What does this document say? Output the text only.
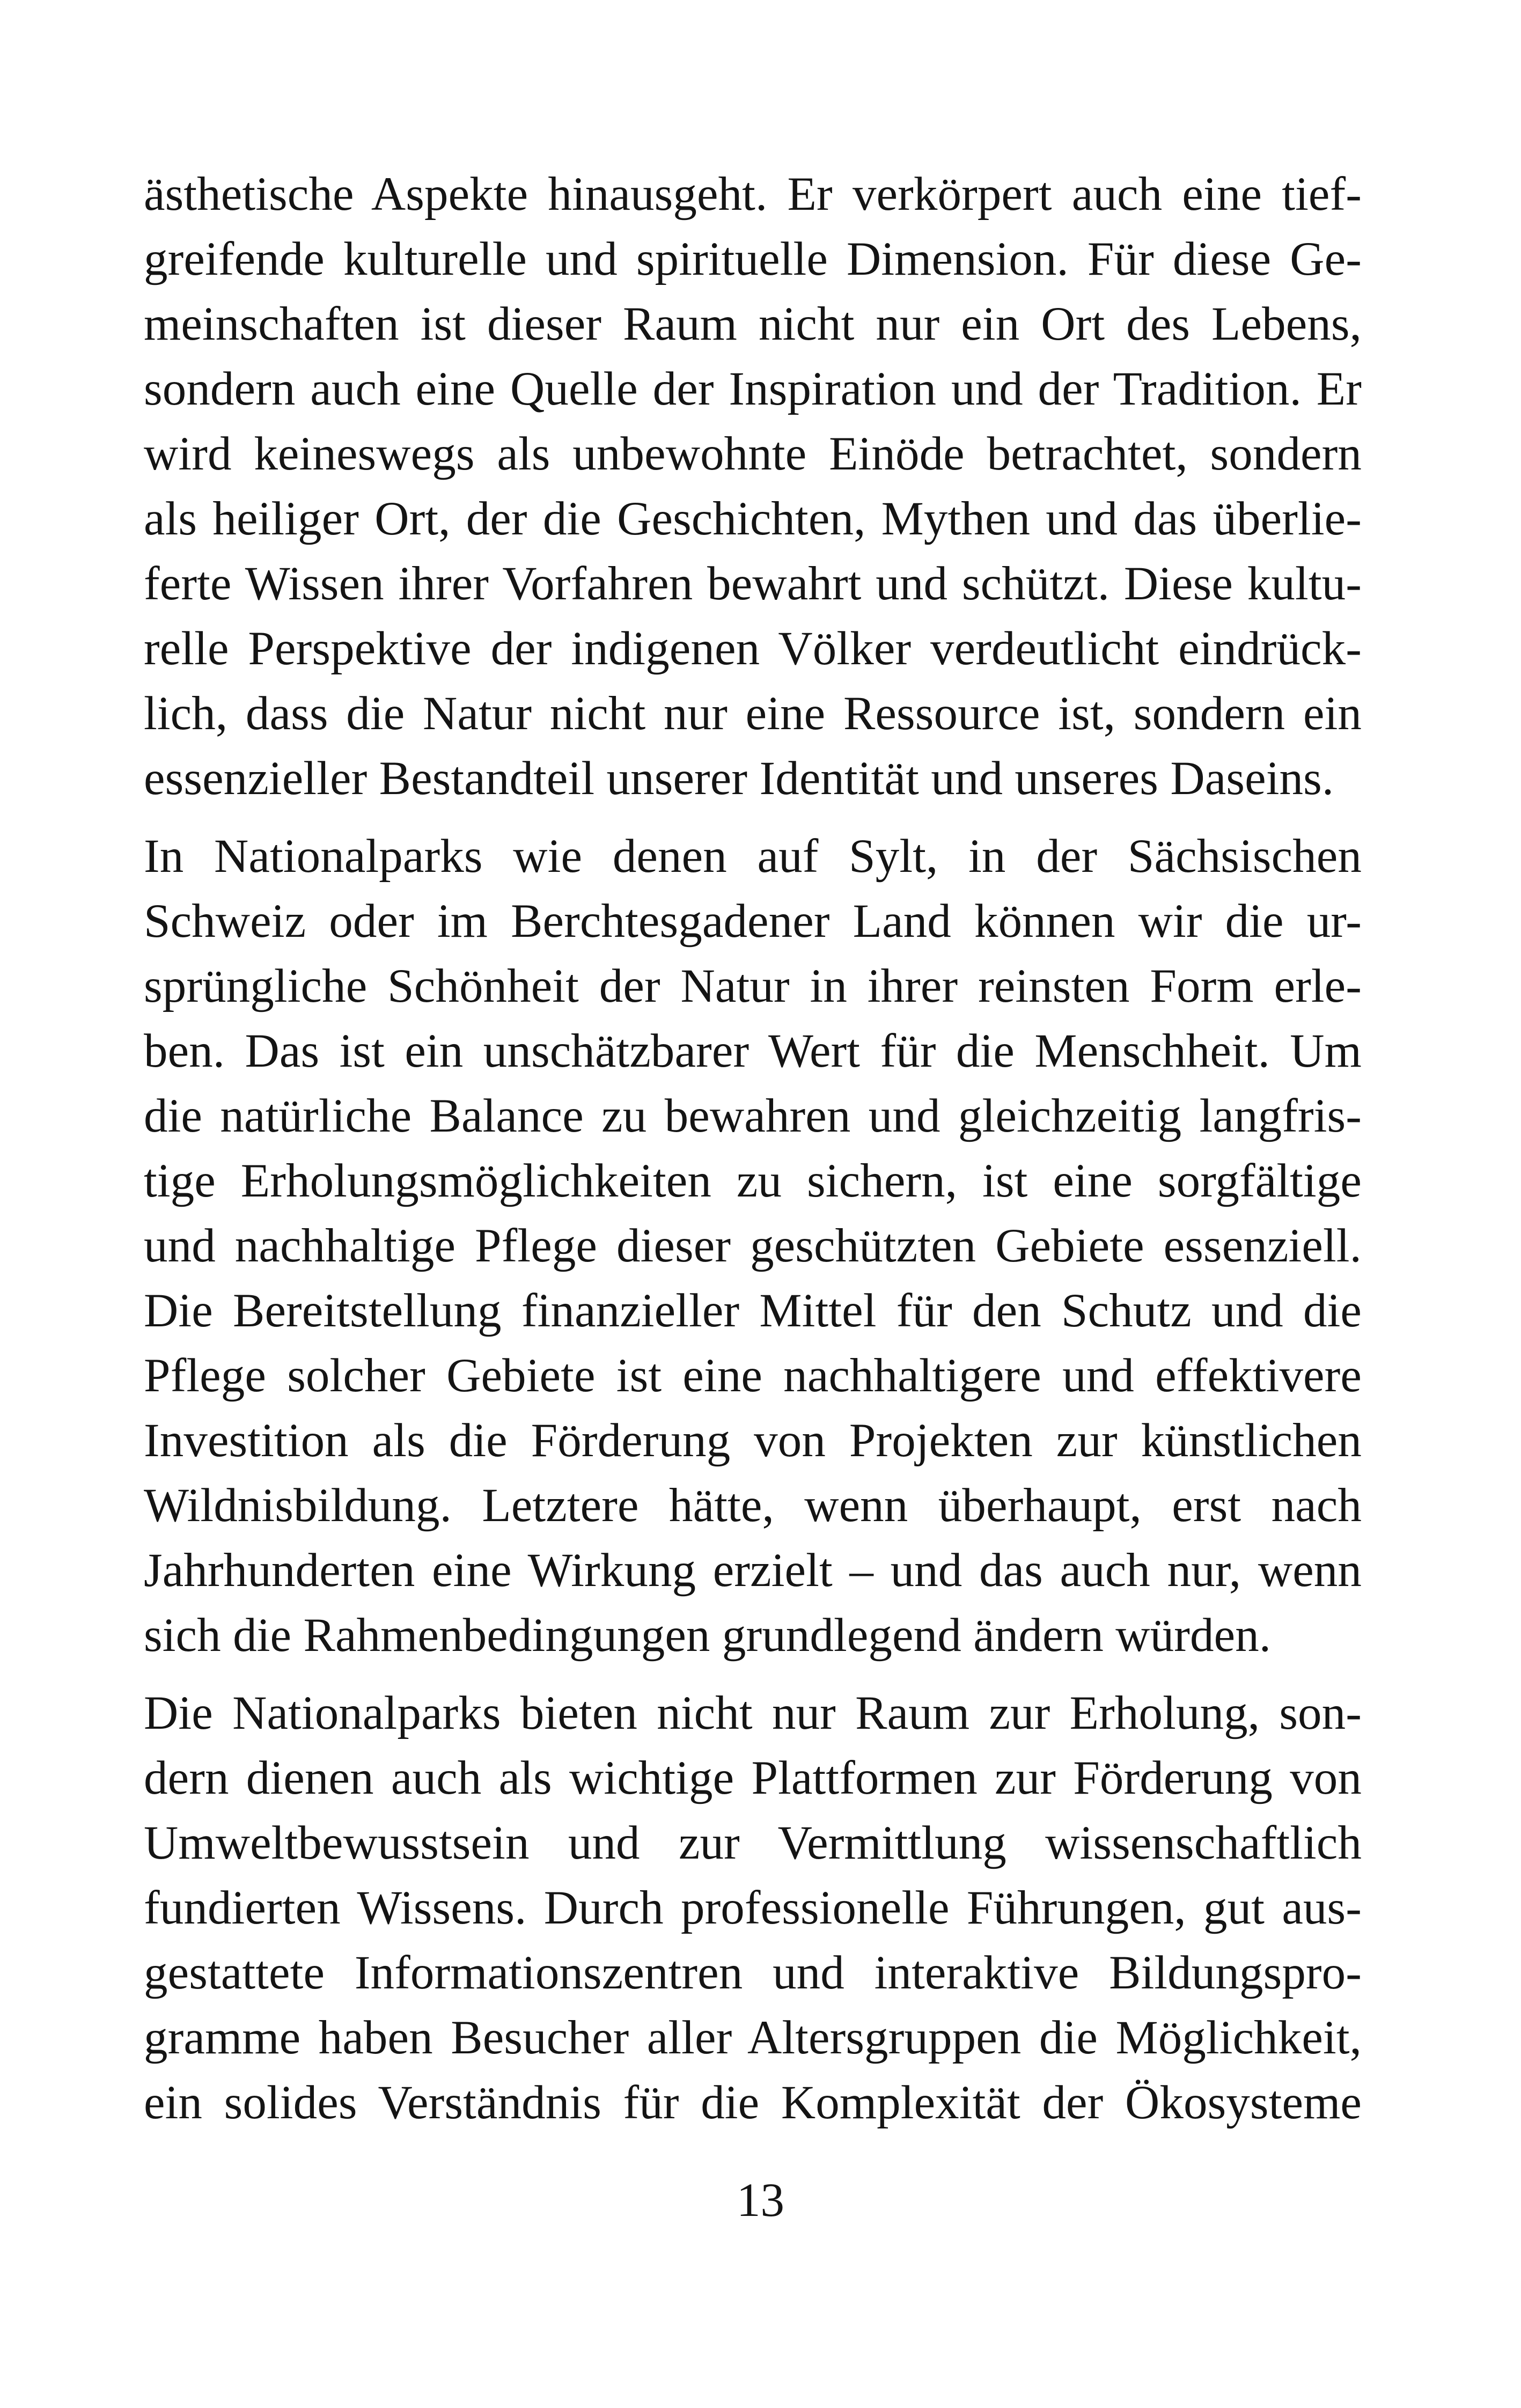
ästhetische Aspekte hinausgeht. Er verkörpert auch eine tief-
greifende kulturelle und spirituelle Dimension. Für diese Ge-
meinschaften ist dieser Raum nicht nur ein Ort des Lebens,
sondern auch eine Quelle der Inspiration und der Tradition. Er
wird keineswegs als unbewohnte Einöde betrachtet, sondern
als heiliger Ort, der die Geschichten, Mythen und das überlie-
ferte Wissen ihrer Vorfahren bewahrt und schützt. Diese kultu-
relle Perspektive der indigenen Völker verdeutlicht eindrück-
lich, dass die Natur nicht nur eine Ressource ist, sondern ein
essenzieller Bestandteil unserer Identität und unseres Daseins.
In Nationalparks wie denen auf Sylt, in der Sächsischen
Schweiz oder im Berchtesgadener Land können wir die ur-
sprüngliche Schönheit der Natur in ihrer reinsten Form erle-
ben. Das ist ein unschätzbarer Wert für die Menschheit. Um
die natürliche Balance zu bewahren und gleichzeitig langfris-
tige Erholungsmöglichkeiten zu sichern, ist eine sorgfältige
und nachhaltige Pflege dieser geschützten Gebiete essenziell.
Die Bereitstellung finanzieller Mittel für den Schutz und die
Pflege solcher Gebiete ist eine nachhaltigere und effektivere
Investition als die Förderung von Projekten zur künstlichen
Wildnisbildung. Letztere hätte, wenn überhaupt, erst nach
Jahrhunderten eine Wirkung erzielt – und das auch nur, wenn
sich die Rahmenbedingungen grundlegend ändern würden.
Die Nationalparks bieten nicht nur Raum zur Erholung, son-
dern dienen auch als wichtige Plattformen zur Förderung von
Umweltbewusstsein und zur Vermittlung wissenschaftlich
fundierten Wissens. Durch professionelle Führungen, gut aus-
gestattete Informationszentren und interaktive Bildungspro-
gramme haben Besucher aller Altersgruppen die Möglichkeit,
ein solides Verständnis für die Komplexität der Ökosysteme
13
